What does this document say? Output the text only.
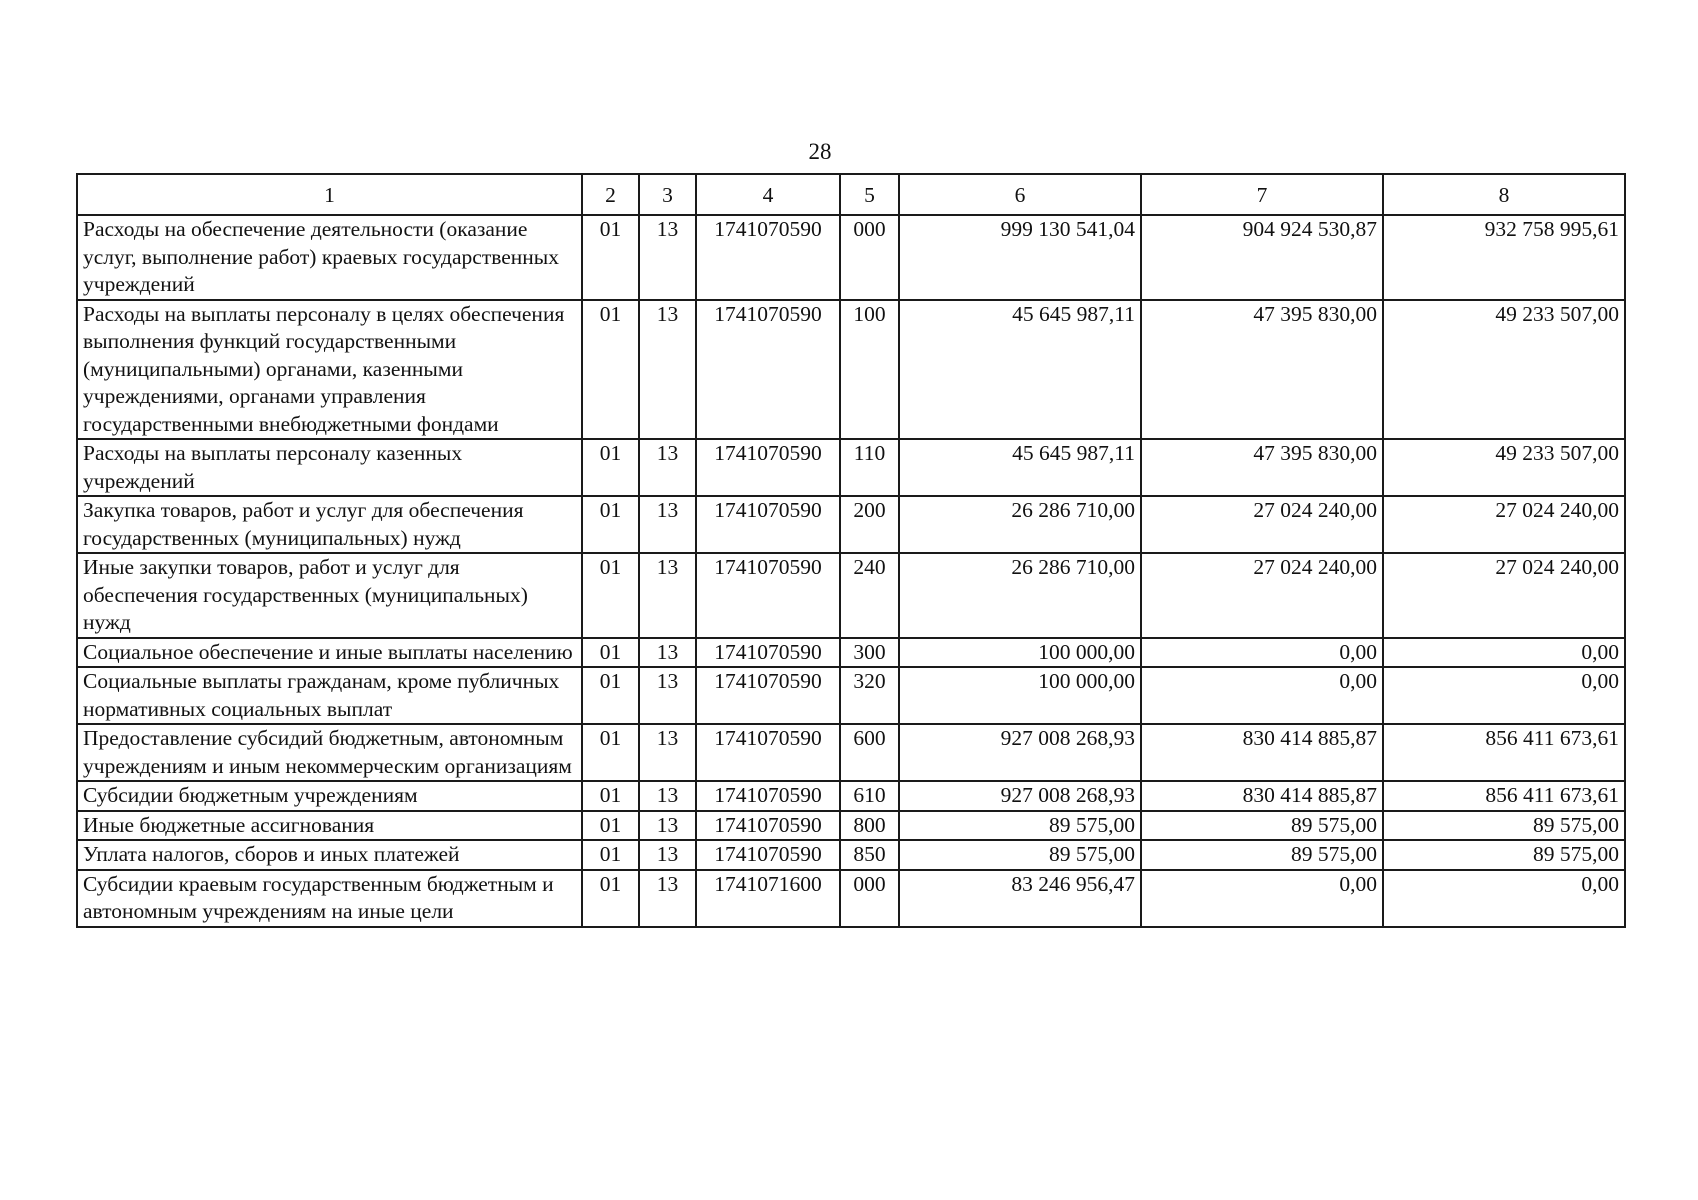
28
1	2	3	4	5	6	7	8
Расходы на обеспечение деятельности (оказание услуг, выполнение работ) краевых государственных учреждений	01	13	1741070590	000	999 130 541,04	904 924 530,87	932 758 995,61
Расходы на выплаты персоналу в целях обеспечения выполнения функций государственными (муниципальными) органами, казенными учреждениями, органами управления государственными внебюджетными фондами	01	13	1741070590	100	45 645 987,11	47 395 830,00	49 233 507,00
Расходы на выплаты персоналу казенных учреждений	01	13	1741070590	110	45 645 987,11	47 395 830,00	49 233 507,00
Закупка товаров, работ и услуг для обеспечения государственных (муниципальных) нужд	01	13	1741070590	200	26 286 710,00	27 024 240,00	27 024 240,00
Иные закупки товаров, работ и услуг для обеспечения государственных (муниципальных) нужд	01	13	1741070590	240	26 286 710,00	27 024 240,00	27 024 240,00
Социальное обеспечение и иные выплаты населению	01	13	1741070590	300	100 000,00	0,00	0,00
Социальные выплаты гражданам, кроме публичных нормативных социальных выплат	01	13	1741070590	320	100 000,00	0,00	0,00
Предоставление субсидий бюджетным, автономным учреждениям и иным некоммерческим организациям	01	13	1741070590	600	927 008 268,93	830 414 885,87	856 411 673,61
Субсидии бюджетным учреждениям	01	13	1741070590	610	927 008 268,93	830 414 885,87	856 411 673,61
Иные бюджетные ассигнования	01	13	1741070590	800	89 575,00	89 575,00	89 575,00
Уплата налогов, сборов и иных платежей	01	13	1741070590	850	89 575,00	89 575,00	89 575,00
Субсидии краевым государственным бюджетным и автономным учреждениям на иные цели	01	13	1741071600	000	83 246 956,47	0,00	0,00
